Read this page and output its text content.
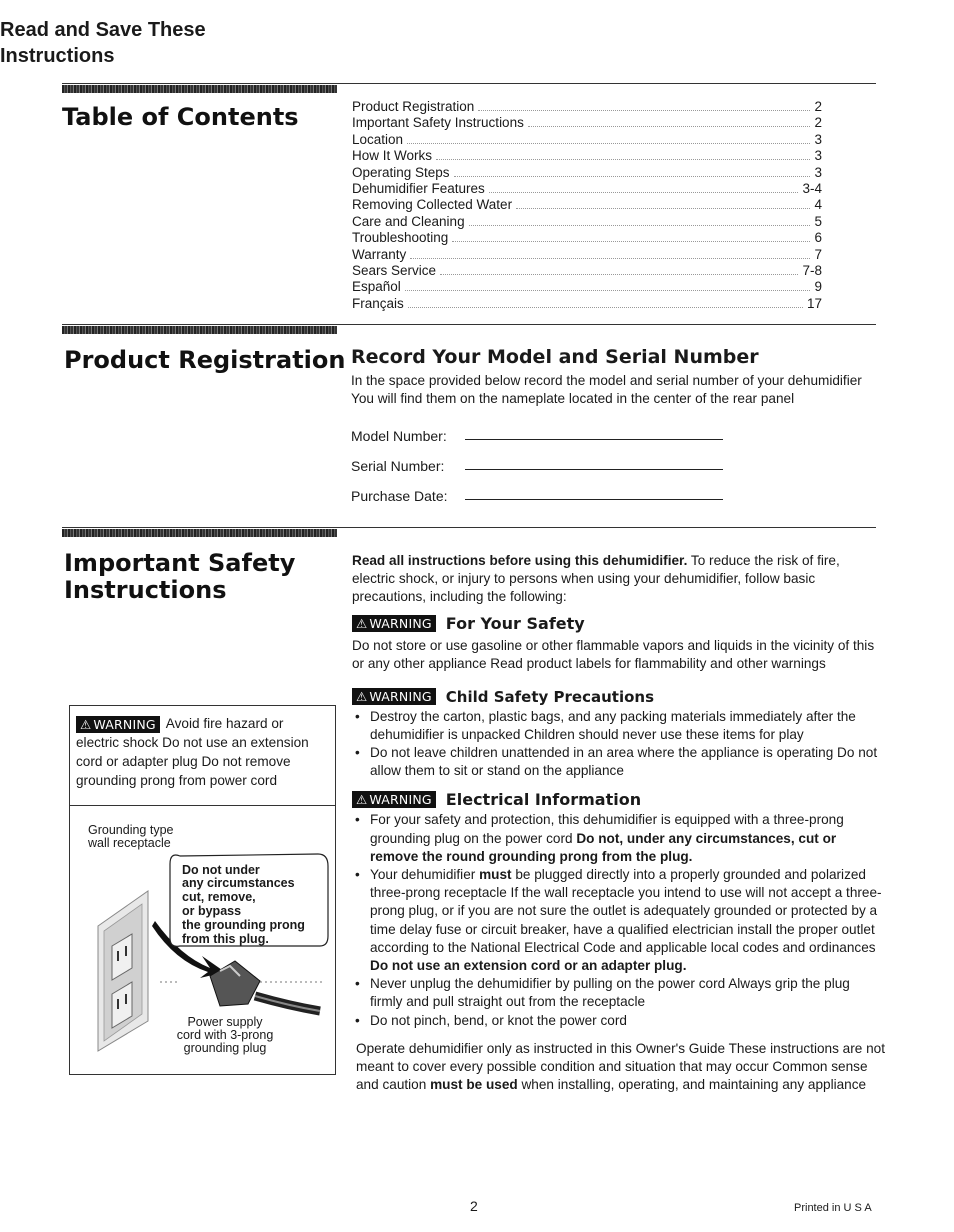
Table of Contents	Product Registration	2
Important Safety Instructions	2
Location	3
How It Works	3
Operating Steps	3
Dehumidifier Features	3-4
Removing Collected Water	4
Care and Cleaning	5
Troubleshooting	6
Warranty	7
Sears Service	7-8
Español	9
Français	17
Product Registration Record Your Model and Serial Number

In the space provided below record the model and serial number of your dehumidifier You will find them on the nameplate located in the center of the rear panel

Model Number:
Serial Number:
Purchase Date:
Important Safety
Instructions

Read all instructions before using this dehumidifier. To reduce the risk of fire, electric shock, or injury to persons when using your dehumidifier, follow basic precautions, including the following:

⚠ WARNING For Your Safety

Do not store or use gasoline or other flammable vapors and liquids in the vicinity of this or any other appliance Read product labels for flammability and other warnings

⚠ WARNING Child Safety Precautions
• Destroy the carton, plastic bags, and any packing materials immediately after the dehumidifier is unpacked Children should never use these items for play
• Do not leave children unattended in an area where the appliance is operating Do not allow them to sit or stand on the appliance
⚠ WARNING Electrical Information
• For your safety and protection, this dehumidifier is equipped with a three-prong grounding plug on the power cord Do not, under any circumstances, cut or remove the round grounding prong from the plug.
• Your dehumidifier must be plugged directly into a properly grounded and polarized three-prong receptacle If the wall receptacle you intend to use will not accept a three-prong plug, or if you are not sure the outlet is adequately grounded or protected by a time delay fuse or circuit breaker, have a qualified electrician install the proper outlet according to the National Electrical Code and applicable local codes and ordinances Do not use an extension cord or an adapter plug.
• Never unplug the dehumidifier by pulling on the power cord Always grip the plug firmly and pull straight out from the receptacle
• Do not pinch, bend, or knot the power cord

Operate dehumidifier only as instructed in this Owner's Guide These instructions are not meant to cover every possible condition and situation that may occur Common sense and caution must be used when installing, operating, and maintaining any appliance

⚠ WARNING Avoid fire hazard or electric shock Do not use an extension cord or adapter plug Do not remove grounding prong from power cord
Grounding type
wall receptacle
Do not under
any circumstances
cut, remove,
or bypass
the grounding prong
from this plug.
Power supply
cord with 3-prong
grounding plug
Read and Save These
Instructions
Printed in U S A
2
